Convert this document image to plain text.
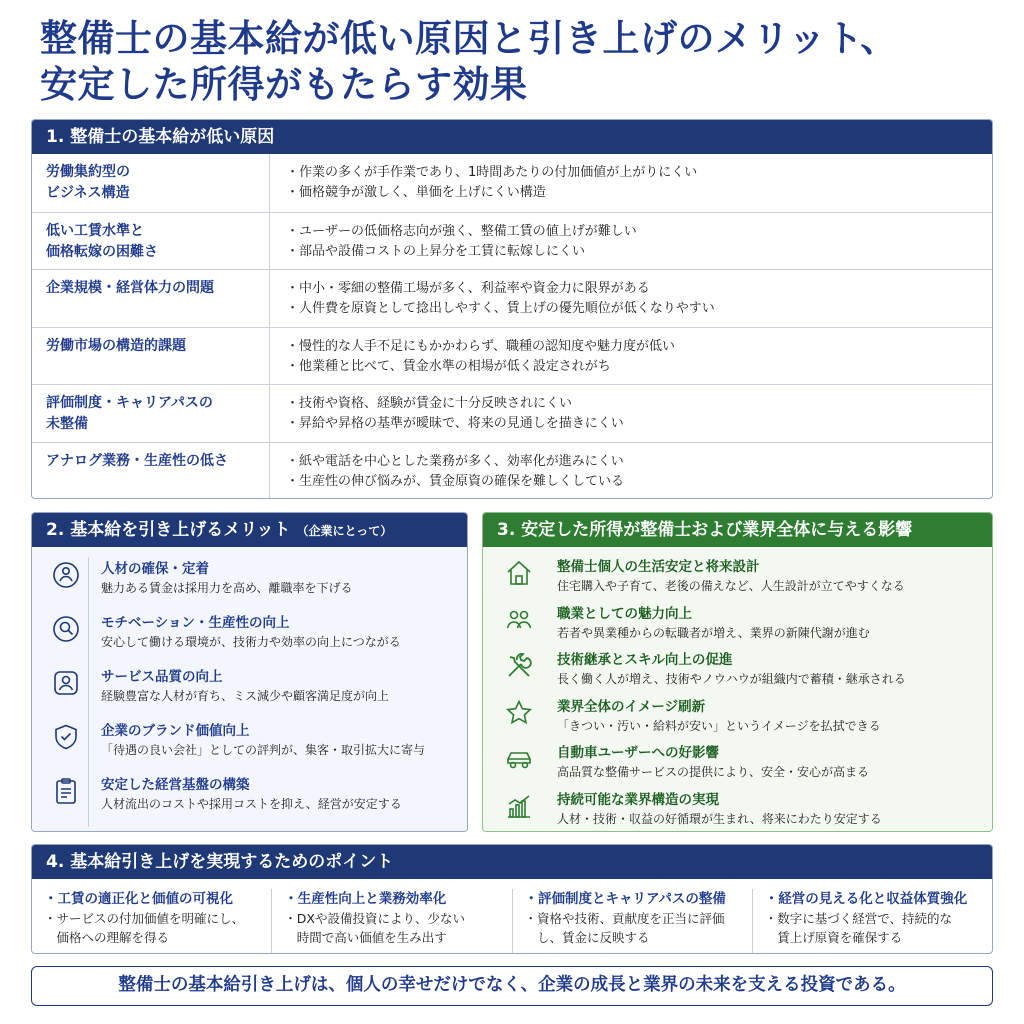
整備士の基本給が低い原因と引き上げのメリット、
安定した所得がもたらす効果
1. 整備士の基本給が低い原因
労働集約型の
ビジネス構造
・作業の多くが手作業であり、1時間あたりの付加価値が上がりにくい
・価格競争が激しく、単価を上げにくい構造
低い工賃水準と
価格転嫁の困難さ
・ユーザーの低価格志向が強く、整備工賃の値上げが難しい
・部品や設備コストの上昇分を工賃に転嫁しにくい
企業規模・経営体力の問題	・中小・零細の整備工場が多く、利益率や資金力に限界がある
・人件費を原資として捻出しやすく、賃上げの優先順位が低くなりやすい
労働市場の構造的課題	・慢性的な人手不足にもかかわらず、職種の認知度や魅力度が低い
・他業種と比べて、賃金水準の相場が低く設定されがち
評価制度・キャリアパスの
未整備
・技術や資格、経験が賃金に十分反映されにくい
・昇給や昇格の基準が曖昧で、将来の見通しを描きにくい
アナログ業務・生産性の低さ	・紙や電話を中心とした業務が多く、効率化が進みにくい
・生産性の伸び悩みが、賃金原資の確保を難しくしている
2. 基本給を引き上げるメリット （企業にとって）
人材の確保・定着
魅力ある賃金は採用力を高め、離職率を下げる
モチベーション・生産性の向上
安心して働ける環境が、技術力や効率の向上につながる
サービス品質の向上
経験豊富な人材が育ち、ミス減少や顧客満足度が向上
企業のブランド価値向上
「待遇の良い会社」としての評判が、集客・取引拡大に寄与
安定した経営基盤の構築
人材流出のコストや採用コストを抑え、経営が安定する
3. 安定した所得が整備士および業界全体に与える影響
整備士個人の生活安定と将来設計
住宅購入や子育て、老後の備えなど、人生設計が立てやすくなる
職業としての魅力向上
若者や異業種からの転職者が増え、業界の新陳代謝が進む
技術継承とスキル向上の促進
長く働く人が増え、技術やノウハウが組織内で蓄積・継承される
業界全体のイメージ刷新
「きつい・汚い・給料が安い」というイメージを払拭できる
自動車ユーザーへの好影響
高品質な整備サービスの提供により、安全・安心が高まる
持続可能な業界構造の実現
人材・技術・収益の好循環が生まれ、将来にわたり安定する
4. 基本給引き上げを実現するためのポイント
・工賃の適正化と価値の可視化
・サービスの付加価値を明確にし、
　価格への理解を得る
・生産性向上と業務効率化
・DXや設備投資により、少ない
　時間で高い価値を生み出す
・評価制度とキャリアパスの整備
・資格や技術、貢献度を正当に評価
　し、賃金に反映する
・経営の見える化と収益体質強化
・数字に基づく経営で、持続的な
　賃上げ原資を確保する
整備士の基本給引き上げは、個人の幸せだけでなく、企業の成長と業界の未来を支える投資である。
